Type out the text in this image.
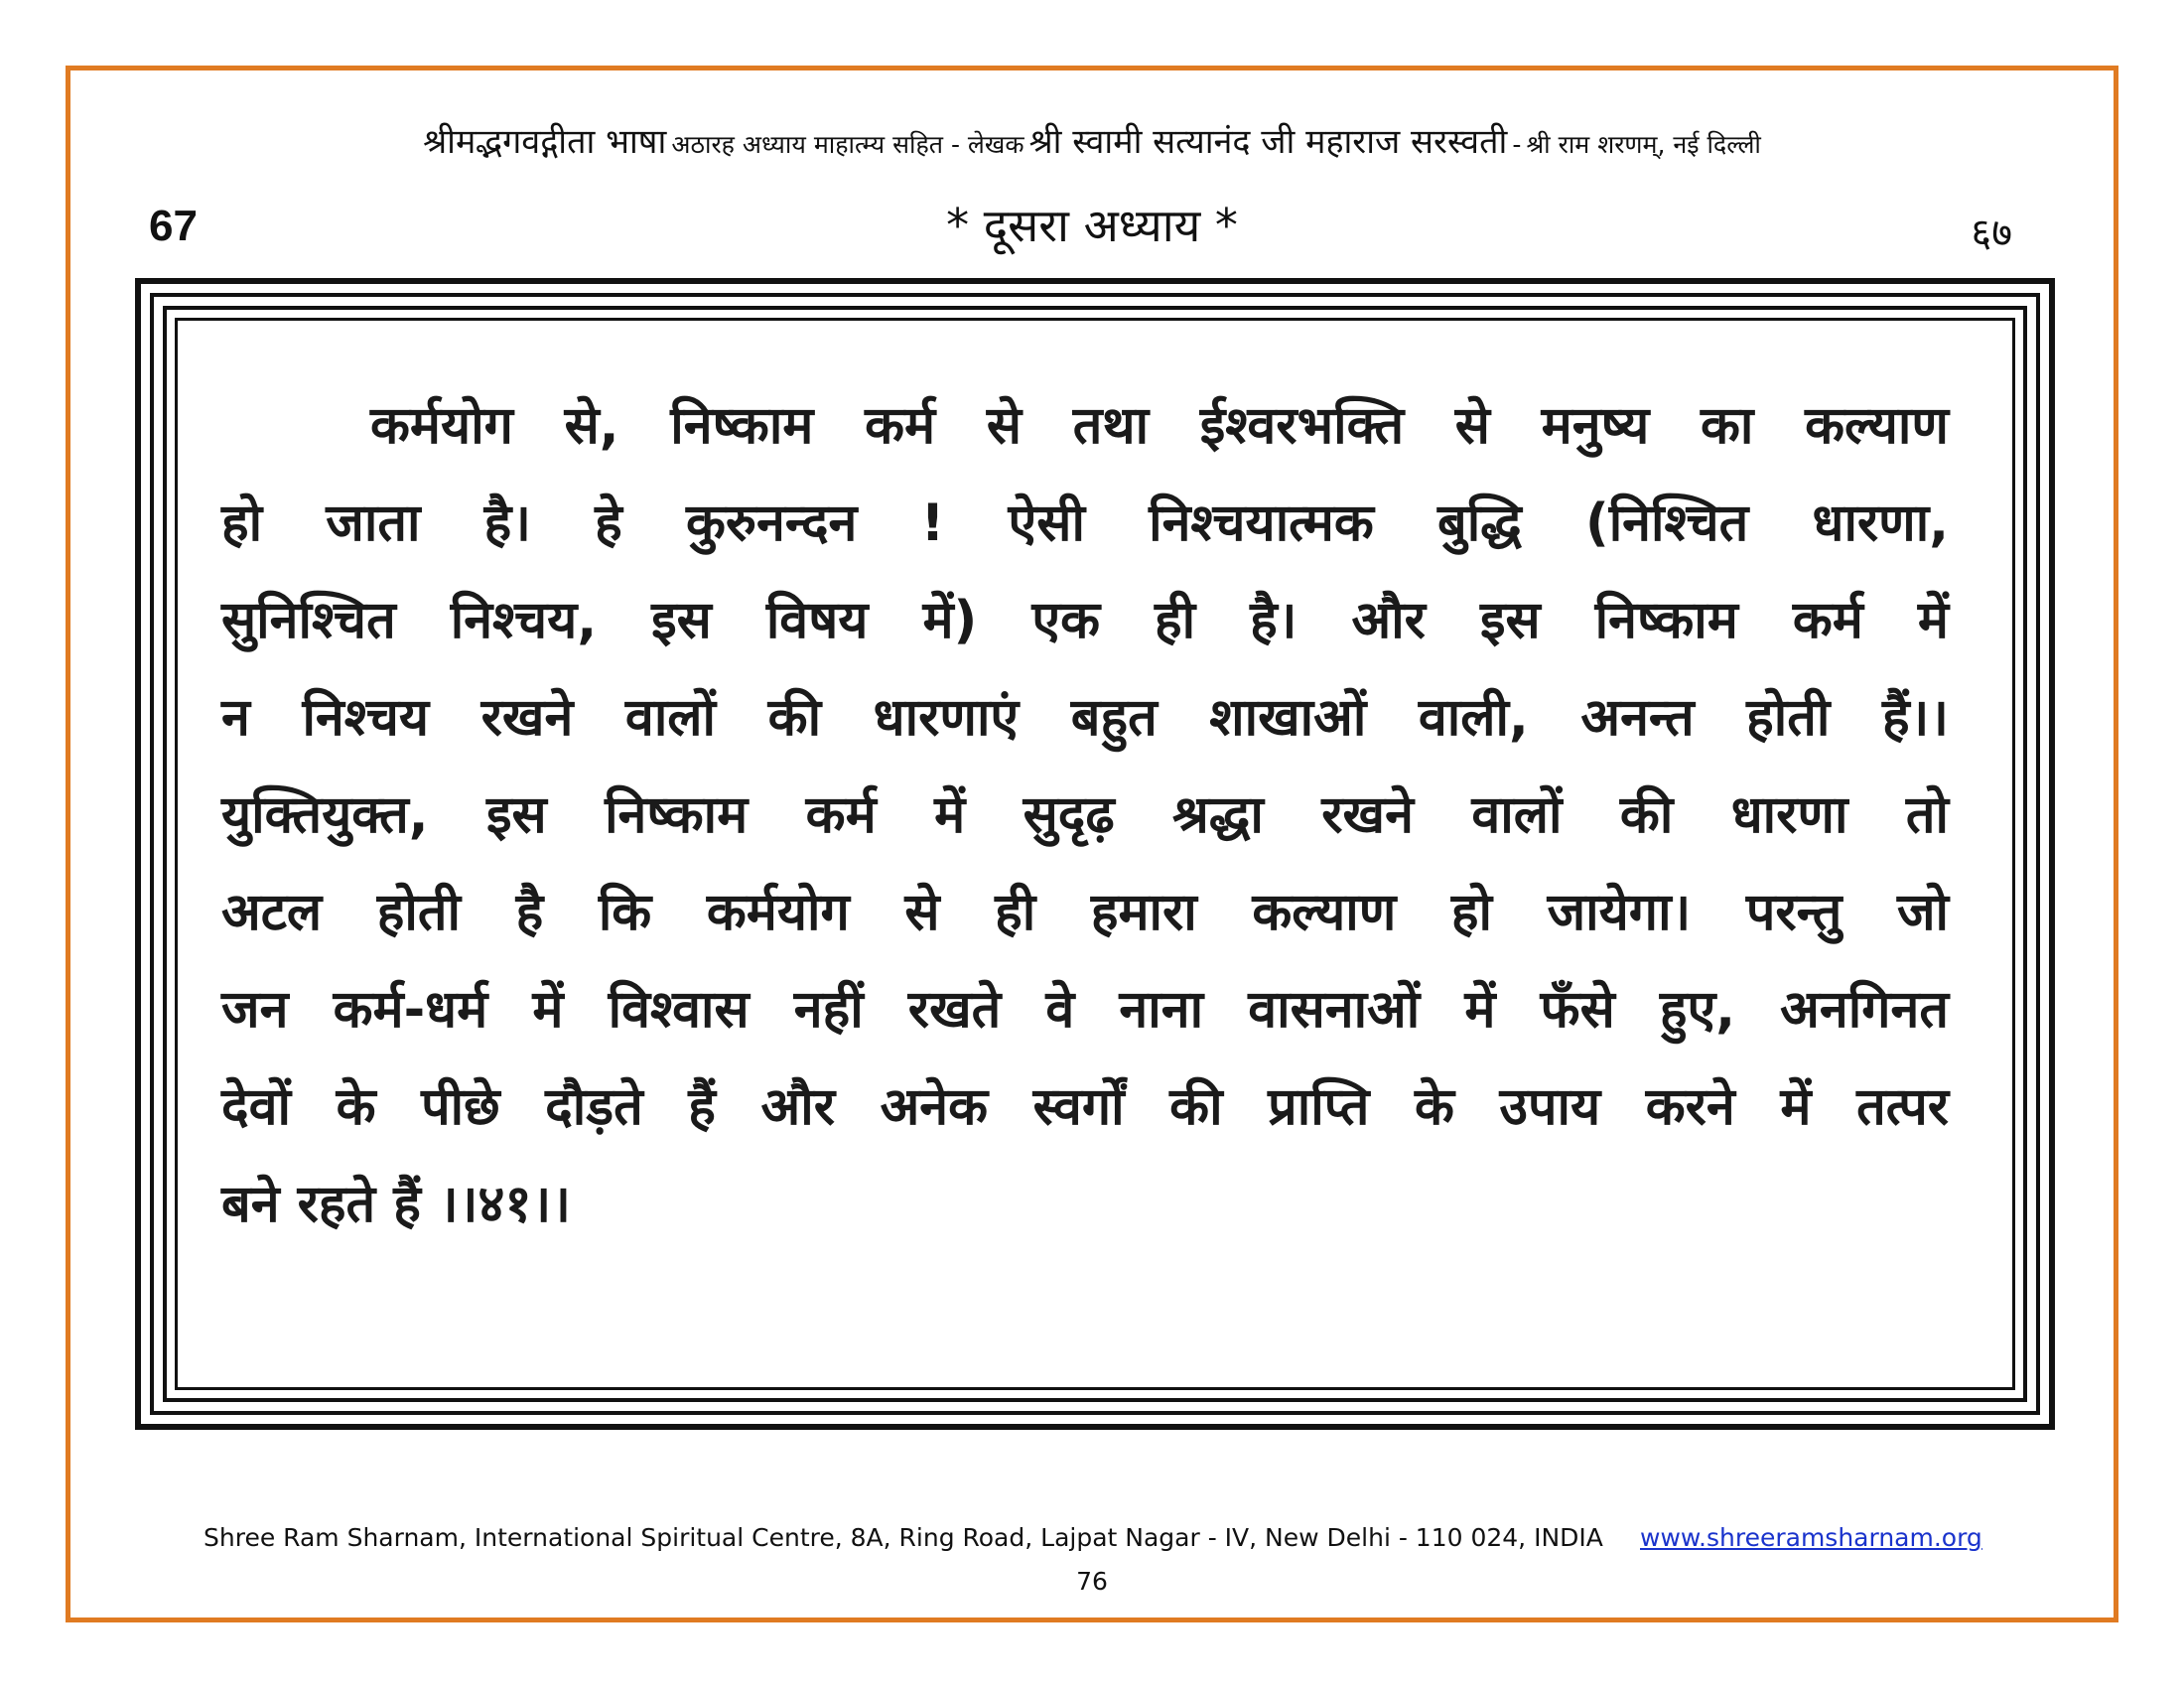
श्रीमद्भगवद्गीता भाषा अठारह अध्याय माहात्म्य सहित - लेखक श्री स्वामी सत्यानंद जी महाराज सरस्वती - श्री राम शरणम्, नई दिल्ली
67	* दूसरा अध्याय *	६७
कर्मयोग से, निष्काम कर्म से तथा ईश्वरभक्ति से मनुष्य का कल्याण
हो जाता है। हे कुरुनन्दन ! ऐसी निश्चयात्मक बुद्धि (निश्चित धारणा,
सुनिश्चित निश्चय, इस विषय में) एक ही है। और इस निष्काम कर्म में
न निश्चय रखने वालों की धारणाएं बहुत शाखाओं वाली, अनन्त होती हैं।।
युक्तियुक्त, इस निष्काम कर्म में सुदृढ़ श्रद्धा रखने वालों की धारणा तो
अटल होती है कि कर्मयोग से ही हमारा कल्याण हो जायेगा। परन्तु जो
जन कर्म-धर्म में विश्वास नहीं रखते वे नाना वासनाओं में फँसे हुए, अनगिनत
देवों के पीछे दौड़ते हैं और अनेक स्वर्गों की प्राप्ति के उपाय करने में तत्पर
बने रहते हैं ।।४१।।
Shree Ram Sharnam, International Spiritual Centre, 8A, Ring Road, Lajpat Nagar - IV, New Delhi - 110 024, INDIA www.shreeramsharnam.org
76
